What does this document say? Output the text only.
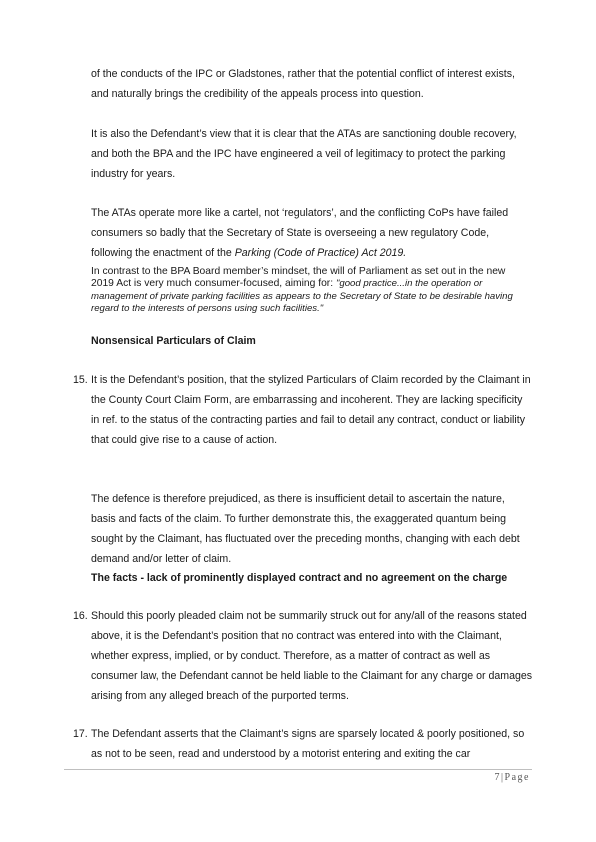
of the conducts of the IPC or Gladstones, rather that the potential conflict of interest exists, and naturally brings the credibility of the appeals process into question.
It is also the Defendant’s view that it is clear that the ATAs are sanctioning double recovery, and both the BPA and the IPC have engineered a veil of legitimacy to protect the parking industry for years.
The ATAs operate more like a cartel, not ‘regulators’, and the conflicting CoPs have failed consumers so badly that the Secretary of State is overseeing a new regulatory Code, following the enactment of the Parking (Code of Practice) Act 2019.
In contrast to the BPA Board member’s mindset, the will of Parliament as set out in the new 2019 Act is very much consumer-focused, aiming for: "good practice...in the operation or management of private parking facilities as appears to the Secretary of State to be desirable having regard to the interests of persons using such facilities."
Nonsensical Particulars of Claim
15. It is the Defendant’s position, that the stylized Particulars of Claim recorded by the Claimant in the County Court Claim Form, are embarrassing and incoherent. They are lacking specificity in ref. to the status of the contracting parties and fail to detail any contract, conduct or liability that could give rise to a cause of action.
The defence is therefore prejudiced, as there is insufficient detail to ascertain the nature, basis and facts of the claim. To further demonstrate this, the exaggerated quantum being sought by the Claimant, has fluctuated over the preceding months, changing with each debt demand and/or letter of claim.
The facts - lack of prominently displayed contract and no agreement on the charge
16. Should this poorly pleaded claim not be summarily struck out for any/all of the reasons stated above, it is the Defendant’s position that no contract was entered into with the Claimant, whether express, implied, or by conduct. Therefore, as a matter of contract as well as consumer law, the Defendant cannot be held liable to the Claimant for any charge or damages arising from any alleged breach of the purported terms.
17. The Defendant asserts that the Claimant’s signs are sparsely located & poorly positioned, so as not to be seen, read and understood by a motorist entering and exiting the car
7|Page
